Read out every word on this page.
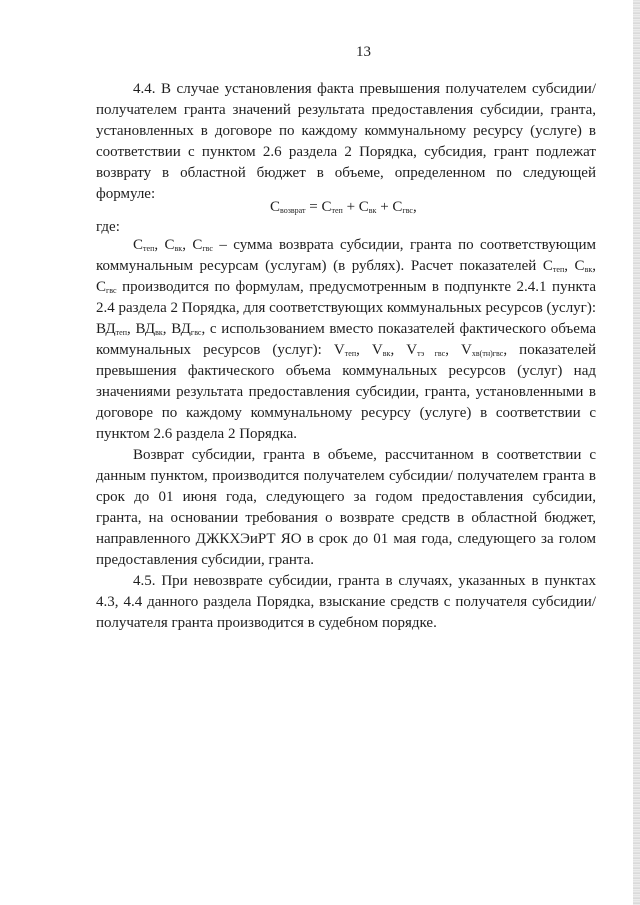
13

4.4. В случае установления факта превышения получателем субсидии/ получателем гранта значений результата предоставления субсидии, гранта, установленных в договоре по каждому коммунальному ресурсу (услуге) в соответствии с пунктом 2.6 раздела 2 Порядка, субсидия, грант подлежат возврату в областной бюджет в объеме, определенном по следующей формуле:

$С_{возврат} = С_{теп} + С_{вк} + С_{гвс}$,
где:

$С_{теп}$, $С_{вк}$, $С_{гвс}$ – сумма возврата субсидии, гранта по соответствующим коммунальным ресурсам (услугам) (в рублях). Расчет показателей $С_{теп}$, $С_{вк}$, $С_{гвс}$ производится по формулам, предусмотренным в подпункте 2.4.1 пункта 2.4 раздела 2 Порядка, для соответствующих коммунальных ресурсов (услуг): $ВД_{теп}$, $ВД_{вк}$, $ВД_{гвс}$, с использованием вместо показателей фактического объема коммунальных ресурсов (услуг): $V_{теп}$, $V_{вк}$, $V_{тэ гвс}$, $V_{хв(тн)гвс}$, показателей превышения фактического объема коммунальных ресурсов (услуг) над значениями результата предоставления субсидии, гранта, установленными в договоре по каждому коммунальному ресурсу (услуге) в соответствии с пунктом 2.6 раздела 2 Порядка.

Возврат субсидии, гранта в объеме, рассчитанном в соответствии с данным пунктом, производится получателем субсидии/ получателем гранта в срок до 01 июня года, следующего за годом предоставления субсидии, гранта, на основании требования о возврате средств в областной бюджет, направленного ДЖКХЭиРТ ЯО в срок до 01 мая года, следующего за голом предоставления субсидии, гранта.

4.5. При невозврате субсидии, гранта в случаях, указанных в пунктах 4.3, 4.4 данного раздела Порядка, взыскание средств с получателя субсидии/ получателя гранта производится в судебном порядке.
